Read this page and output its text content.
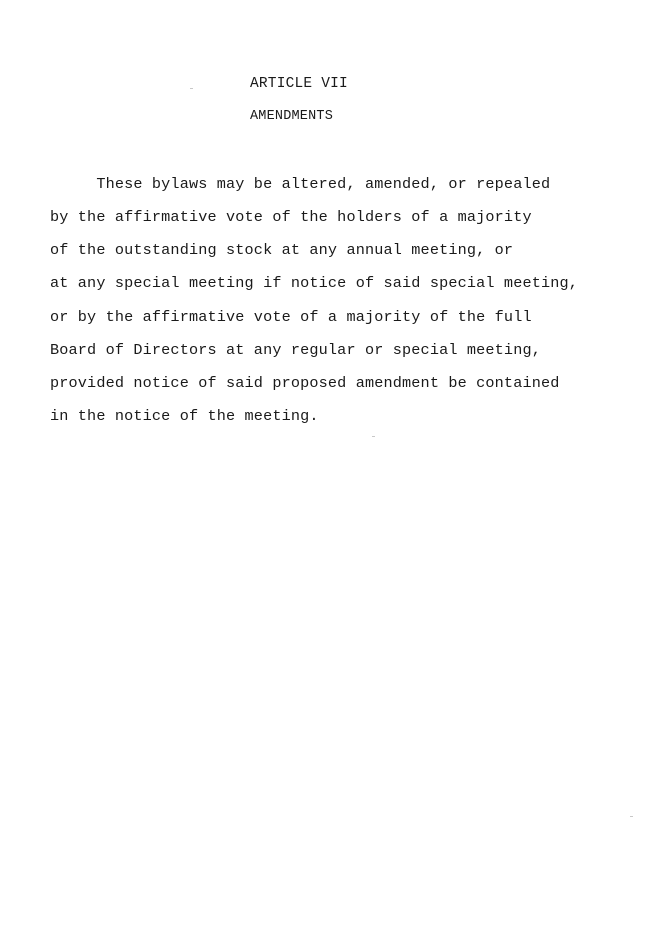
ARTICLE VII
AMENDMENTS
These bylaws may be altered, amended, or repealed
by the affirmative vote of the holders of a majority
of the outstanding stock at any annual meeting, or
at any special meeting if notice of said special meeting,
or by the affirmative vote of a majority of the full
Board of Directors at any regular or special meeting,
provided notice of said proposed amendment be contained
in the notice of the meeting.
